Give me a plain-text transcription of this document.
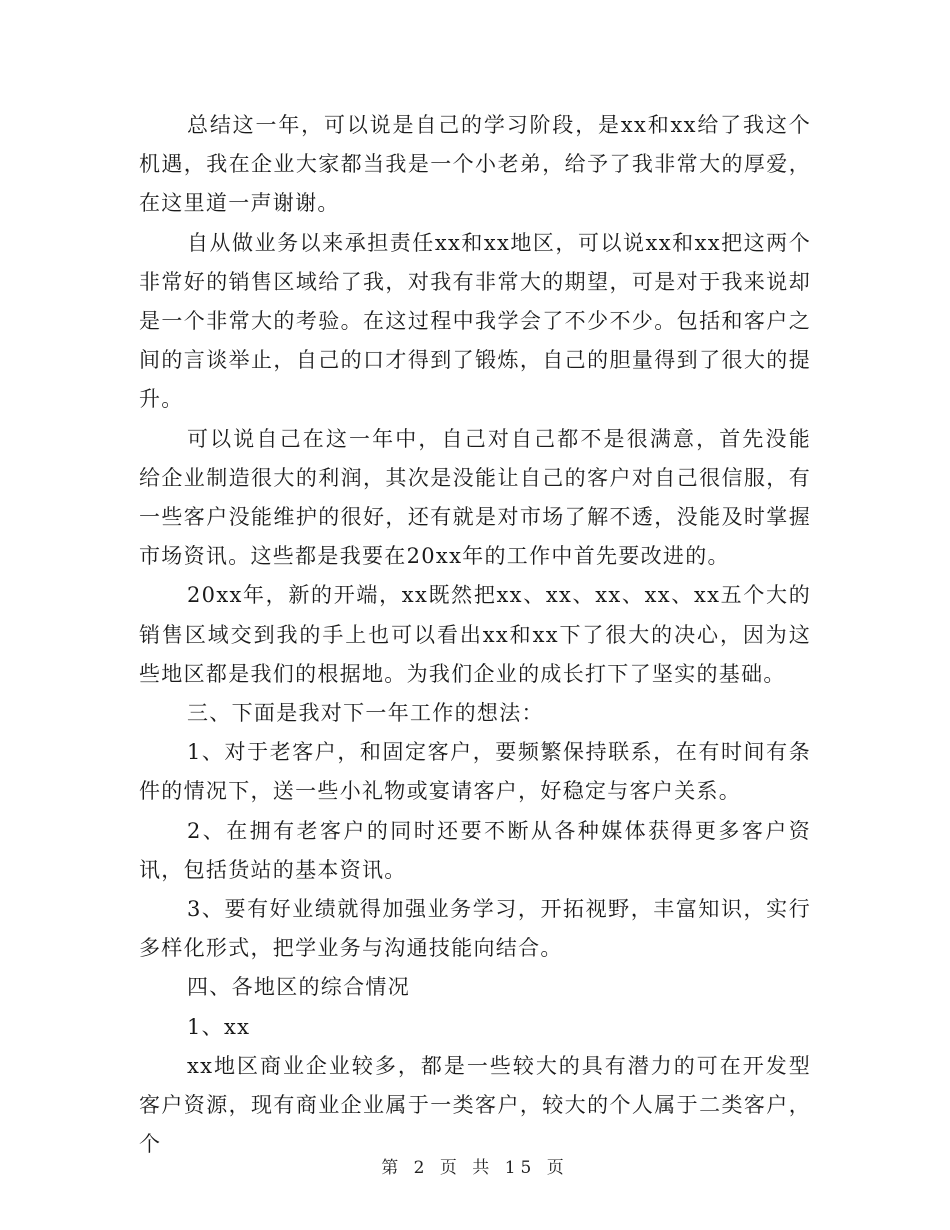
总结这一年，可以说是自己的学习阶段，是xx和xx给了我这个机遇，我在企业大家都当我是一个小老弟，给予了我非常大的厚爱，在这里道一声谢谢。

自从做业务以来承担责任xx和xx地区，可以说xx和xx把这两个非常好的销售区域给了我，对我有非常大的期望，可是对于我来说却是一个非常大的考验。在这过程中我学会了不少不少。包括和客户之间的言谈举止，自己的口才得到了锻炼，自己的胆量得到了很大的提升。

可以说自己在这一年中，自己对自己都不是很满意，首先没能给企业制造很大的利润，其次是没能让自己的客户对自己很信服，有一些客户没能维护的很好，还有就是对市场了解不透，没能及时掌握市场资讯。这些都是我要在20xx年的工作中首先要改进的。

20xx年，新的开端，xx既然把xx、xx、xx、xx、xx五个大的销售区域交到我的手上也可以看出xx和xx下了很大的决心，因为这些地区都是我们的根据地。为我们企业的成长打下了坚实的基础。

三、下面是我对下一年工作的想法：

1、对于老客户，和固定客户，要频繁保持联系，在有时间有条件的情况下，送一些小礼物或宴请客户，好稳定与客户关系。

2、在拥有老客户的同时还要不断从各种媒体获得更多客户资讯，包括货站的基本资讯。

3、要有好业绩就得加强业务学习，开拓视野，丰富知识，实行多样化形式，把学业务与沟通技能向结合。

四、各地区的综合情况

1、xx

xx地区商业企业较多，都是一些较大的具有潜力的可在开发型客户资源，现有商业企业属于一类客户，较大的个人属于二类客户，个

第 2 页 共 15 页
